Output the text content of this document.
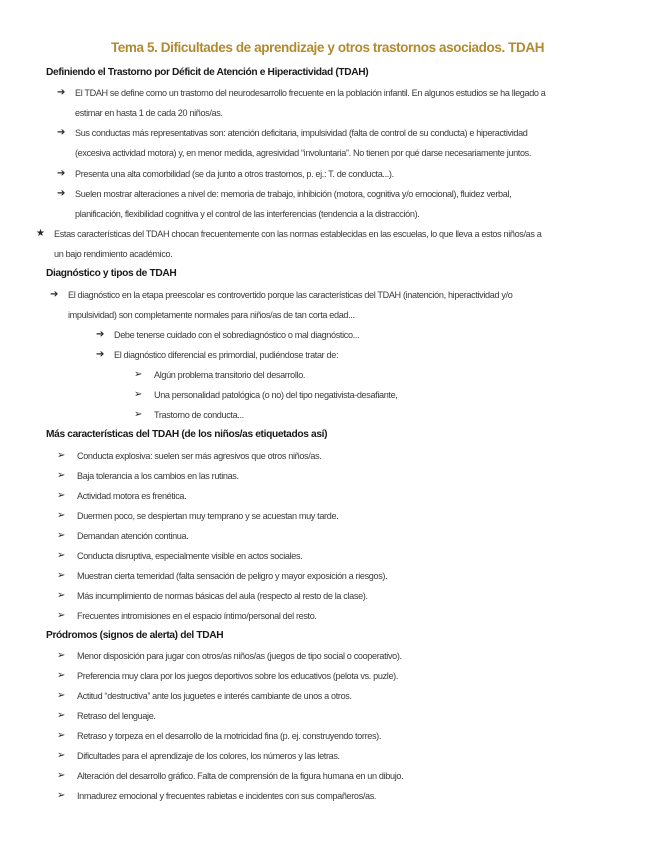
Tema 5. Dificultades de aprendizaje y otros trastornos asociados. TDAH
Definiendo el Trastorno por Déficit de Atención e Hiperactividad (TDAH)
➔ El TDAH se define como un trastorno del neurodesarrollo frecuente en la población infantil. En algunos estudios se ha llegado a
estimar en hasta 1 de cada 20 niños/as.
➔ Sus conductas más representativas son: atención deficitaria, impulsividad (falta de control de su conducta) e hiperactividad
(excesiva actividad motora) y, en menor medida, agresividad “involuntaria”. No tienen por qué darse necesariamente juntos.
➔ Presenta una alta comorbilidad (se da junto a otros trastornos, p. ej.: T. de conducta...).
➔ Suelen mostrar alteraciones a nivel de: memoria de trabajo, inhibición (motora, cognitiva y/o emocional), fluidez verbal,
planificación, flexibilidad cognitiva y el control de las interferencias (tendencia a la distracción).
★ Estas características del TDAH chocan frecuentemente con las normas establecidas en las escuelas, lo que lleva a estos niños/as a
un bajo rendimiento académico.
Diagnóstico y tipos de TDAH
➔ El diagnóstico en la etapa preescolar es controvertido porque las características del TDAH (inatención, hiperactividad y/o
impulsividad) son completamente normales para niños/as de tan corta edad...
➔ Debe tenerse cuidado con el sobrediagnóstico o mal diagnóstico...
➔ El diagnóstico diferencial es primordial, pudiéndose tratar de:
➢ Algún problema transitorio del desarrollo.
➢ Una personalidad patológica (o no) del tipo negativista-desafiante,
➢ Trastorno de conducta...
Más características del TDAH (de los niños/as etiquetados así)
➢ Conducta explosiva: suelen ser más agresivos que otros niños/as.
➢ Baja tolerancia a los cambios en las rutinas.
➢ Actividad motora es frenética.
➢ Duermen poco, se despiertan muy temprano y se acuestan muy tarde.
➢ Demandan atención continua.
➢ Conducta disruptiva, especialmente visible en actos sociales.
➢ Muestran cierta temeridad (falta sensación de peligro y mayor exposición a riesgos).
➢ Más incumplimiento de normas básicas del aula (respecto al resto de la clase).
➢ Frecuentes intromisiones en el espacio íntimo/personal del resto.
Pródromos (signos de alerta) del TDAH
➢ Menor disposición para jugar con otros/as niños/as (juegos de tipo social o cooperativo).
➢ Preferencia muy clara por los juegos deportivos sobre los educativos (pelota vs. puzle).
➢ Actitud “destructiva” ante los juguetes e interés cambiante de unos a otros.
➢ Retraso del lenguaje.
➢ Retraso y torpeza en el desarrollo de la motricidad fina (p. ej. construyendo torres).
➢ Dificultades para el aprendizaje de los colores, los números y las letras.
➢ Alteración del desarrollo gráfico. Falta de comprensión de la figura humana en un dibujo.
➢ Inmadurez emocional y frecuentes rabietas e incidentes con sus compañeros/as.
